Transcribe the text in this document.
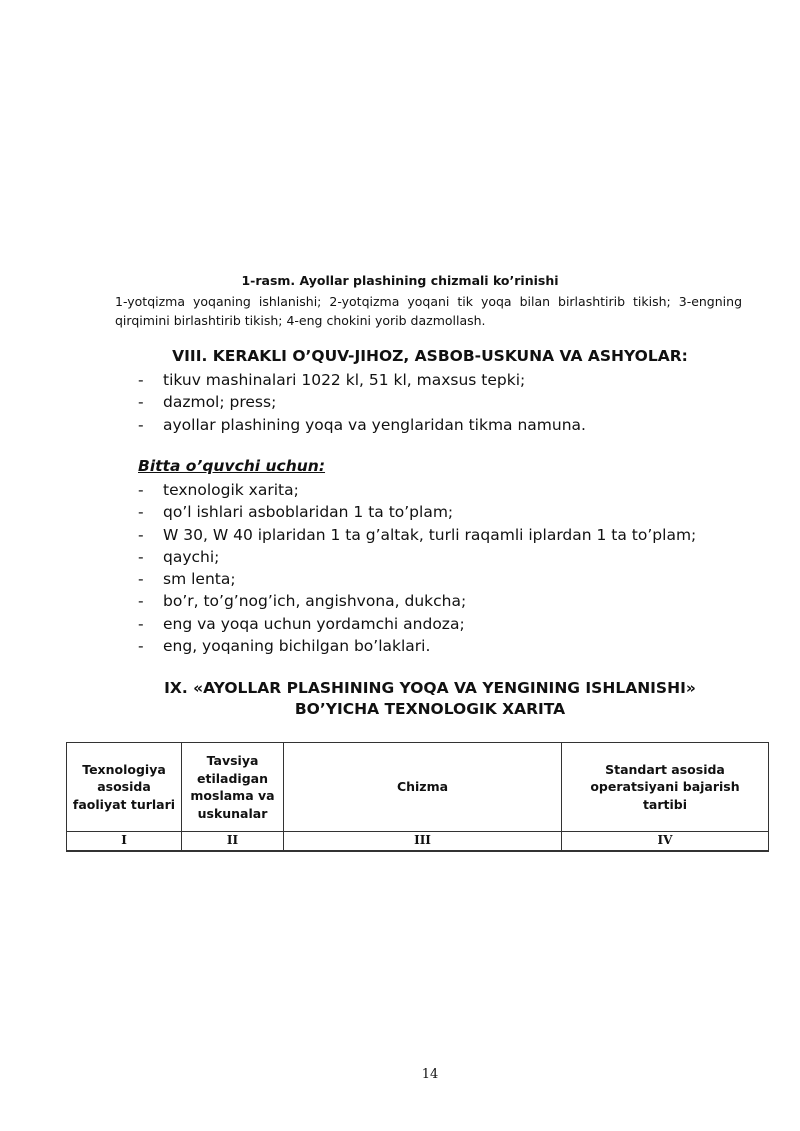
1-rasm. Ayollar plashining chizmali ko’rinishi
1-yotqizma yoqaning ishlanishi; 2-yotqizma yoqani tik yoqa bilan birlashtirib tikish; 3-engning
qirqimini birlashtirib tikish; 4-eng chokini yorib dazmollash.
VIII. KERAKLI O’QUV-JIHOZ, ASBOB-USKUNA VA ASHYOLAR:
- tikuv mashinalari 1022 kl, 51 kl, maxsus tepki;
- dazmol; press;
- ayollar plashining yoqa va yenglaridan tikma namuna.
Bitta o’quvchi uchun:
- texnologik xarita;
- qo’l ishlari asboblaridan 1 ta to’plam;
- W 30, W 40 iplaridan 1 ta g’altak, turli raqamli iplardan 1 ta to’plam;
- qaychi;
- sm lenta;
- bo’r, to’g’nog’ich, angishvona, dukcha;
- eng va yoqa uchun yordamchi andoza;
- eng, yoqaning bichilgan bo’laklari.
IX. «AYOLLAR PLASHINING YOQA VA YENGINING ISHLANISHI»
BO’YICHA TEXNOLOGIK XARITA
Texnologiya asosida faoliyat turlari	Tavsiya etiladigan moslama va uskunalar	Chizma	Standart asosida operatsiyani bajarish tartibi
I	II	III	IV
14
